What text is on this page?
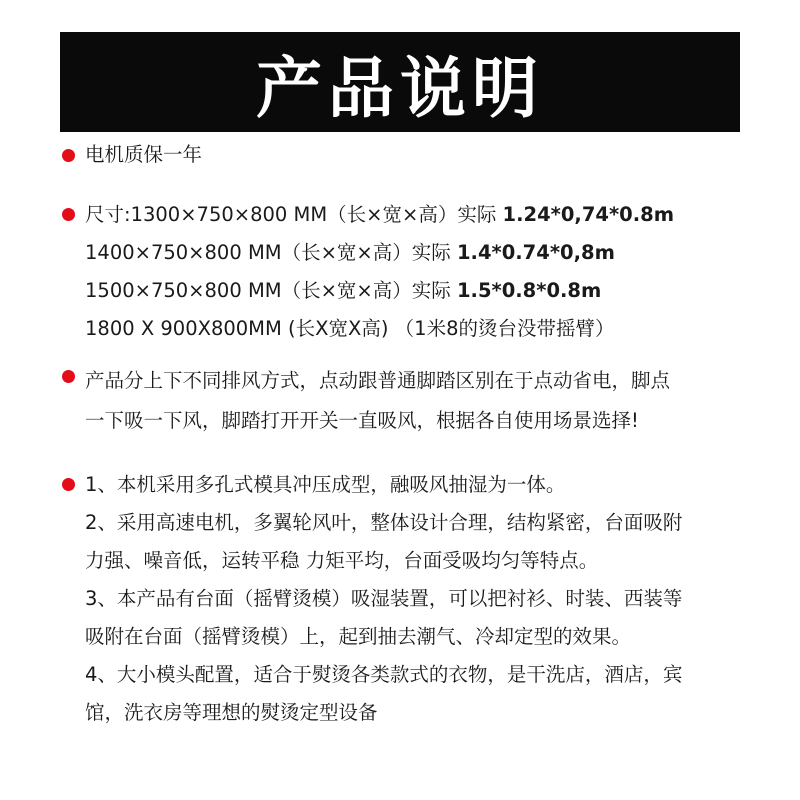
产品说明
电机质保一年
尺寸:1300×750×800 MM（长×宽×高）实际 1.24*0,74*0.8m
1400×750×800 MM（长×宽×高）实际 1.4*0.74*0,8m
1500×750×800 MM（长×宽×高）实际 1.5*0.8*0.8m
1800 X 900X800MM (长X宽X高) （1米8的烫台没带摇臂）
产品分上下不同排风方式，点动跟普通脚踏区别在于点动省电，脚点
一下吸一下风，脚踏打开开关一直吸风，根据各自使用场景选择!
1、本机采用多孔式模具冲压成型，融吸风抽湿为一体。
2、采用高速电机，多翼轮风叶，整体设计合理，结构紧密，台面吸附
力强、噪音低，运转平稳 力矩平均，台面受吸均匀等特点。
3、本产品有台面（摇臂烫模）吸湿装置，可以把衬衫、时装、西装等
吸附在台面（摇臂烫模）上，起到抽去潮气、冷却定型的效果。
4、大小模头配置，适合于熨烫各类款式的衣物，是干洗店，酒店，宾
馆，洗衣房等理想的熨烫定型设备
